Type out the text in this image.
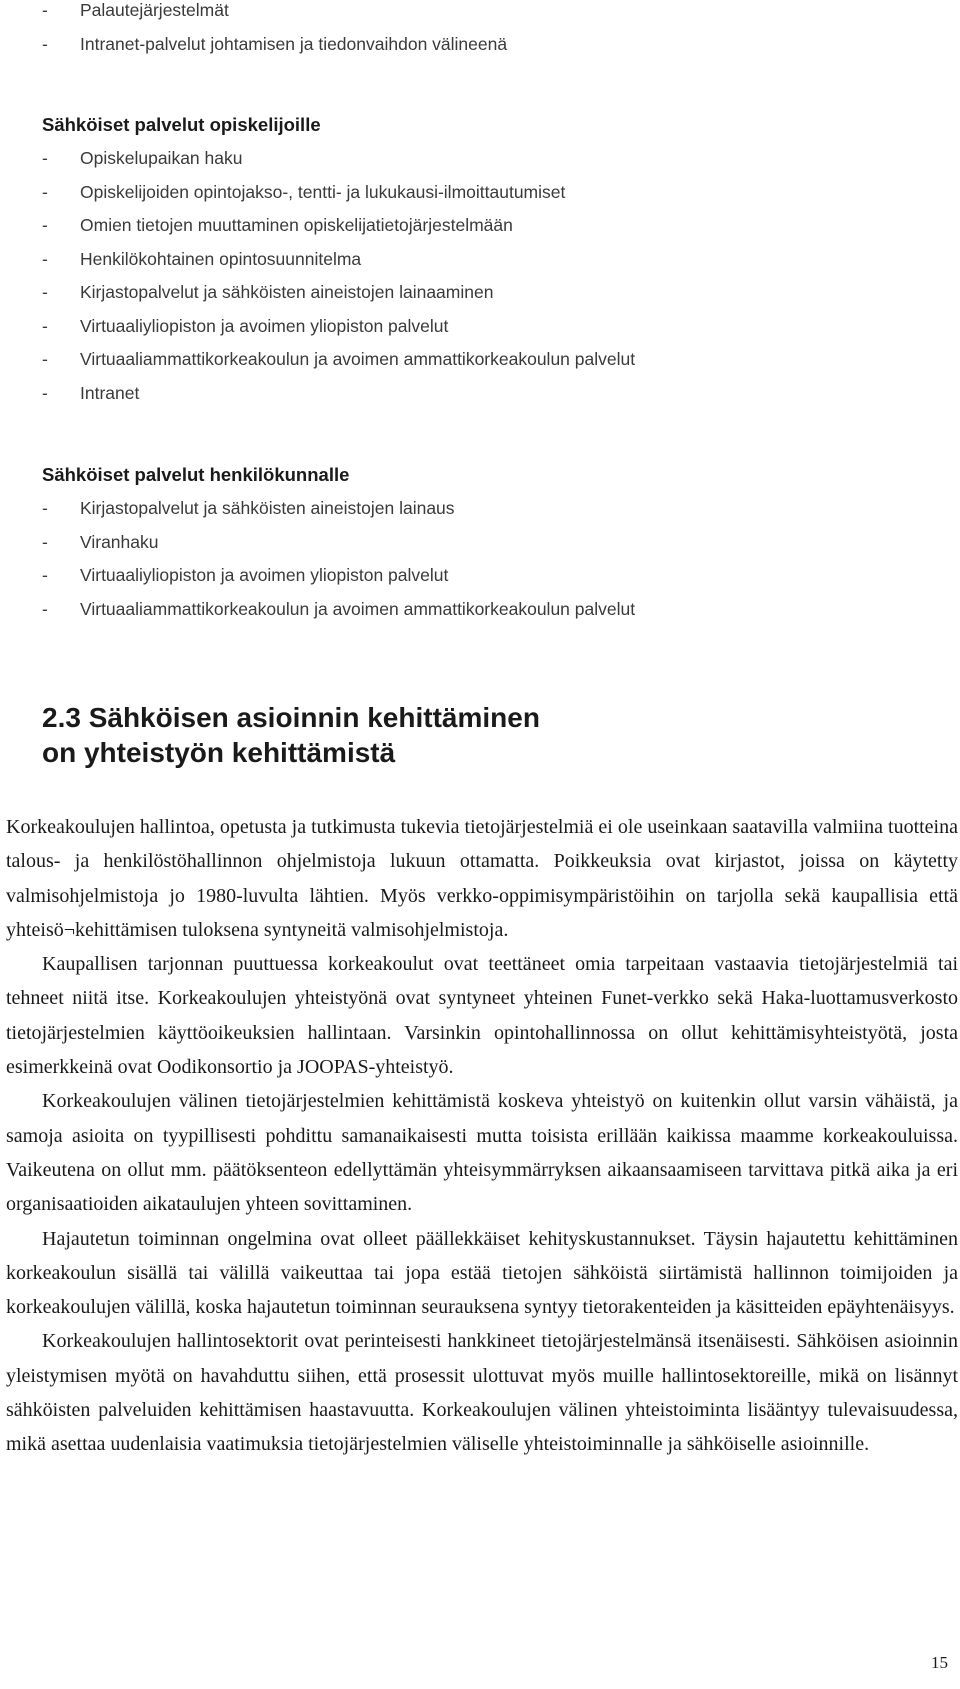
- Palautejärjestelmät
- Intranet-palvelut johtamisen ja tiedonvaihdon välineenä
Sähköiset palvelut opiskelijoille
- Opiskelupaikan haku
- Opiskelijoiden opintojakso-, tentti- ja lukukausi-ilmoittautumiset
- Omien tietojen muuttaminen opiskelijatietojärjestelmään
- Henkilökohtainen opintosuunnitelma
- Kirjastopalvelut ja sähköisten aineistojen lainaaminen
- Virtuaaliyliopiston ja avoimen yliopiston palvelut
- Virtuaaliammattikorkeakoulun ja avoimen ammattikorkeakoulun palvelut
- Intranet
Sähköiset palvelut henkilökunnalle
- Kirjastopalvelut ja sähköisten aineistojen lainaus
- Viranhaku
- Virtuaaliyliopiston ja avoimen yliopiston palvelut
- Virtuaaliammattikorkeakoulun ja avoimen ammattikorkeakoulun palvelut
2.3 Sähköisen asioinnin kehittäminen
on yhteistyön kehittämistä

Korkeakoulujen hallintoa, opetusta ja tutkimusta tukevia tietojärjestelmiä ei ole useinkaan saatavilla valmiina tuotteina talous- ja henkilöstöhallinnon ohjelmistoja lukuun ottamatta. Poikkeuksia ovat kirjastot, joissa on käytetty valmisohjelmistoja jo 1980-luvulta lähtien. Myös verkko-oppimisympäristöihin on tarjolla sekä kaupallisia että yhteisö¬kehittämisen tuloksena syntyneitä valmisohjelmistoja.

Kaupallisen tarjonnan puuttuessa korkeakoulut ovat teettäneet omia tarpeitaan vastaavia tietojärjestelmiä tai tehneet niitä itse. Korkeakoulujen yhteistyönä ovat syntyneet yhteinen Funet-verkko sekä Haka-luottamusverkosto tietojärjestelmien käyttöoikeuksien hallintaan. Varsinkin opintohallinnossa on ollut kehittämisyhteistyötä, josta esimerkkeinä ovat Oodikonsortio ja JOOPAS-yhteistyö.

Korkeakoulujen välinen tietojärjestelmien kehittämistä koskeva yhteistyö on kuitenkin ollut varsin vähäistä, ja samoja asioita on tyypillisesti pohdittu samanaikaisesti mutta toisista erillään kaikissa maamme korkeakouluissa. Vaikeutena on ollut mm. päätöksenteon edellyttämän yhteisymmärryksen aikaansaamiseen tarvittava pitkä aika ja eri organisaatioiden aikataulujen yhteen sovittaminen.

Hajautetun toiminnan ongelmina ovat olleet päällekkäiset kehityskustannukset. Täysin hajautettu kehittäminen korkeakoulun sisällä tai välillä vaikeuttaa tai jopa estää tietojen sähköistä siirtämistä hallinnon toimijoiden ja korkeakoulujen välillä, koska hajautetun toiminnan seurauksena syntyy tietorakenteiden ja käsitteiden epäyhtenäisyys.

Korkeakoulujen hallintosektorit ovat perinteisesti hankkineet tietojärjestelmänsä itsenäisesti. Sähköisen asioinnin yleistymisen myötä on havahduttu siihen, että prosessit ulottuvat myös muille hallintosektoreille, mikä on lisännyt sähköisten palveluiden kehittämisen haastavuutta. Korkeakoulujen välinen yhteistoiminta lisääntyy tulevaisuudessa, mikä asettaa uudenlaisia vaatimuksia tietojärjestelmien väliselle yhteistoiminnalle ja sähköiselle asioinnille.

15
